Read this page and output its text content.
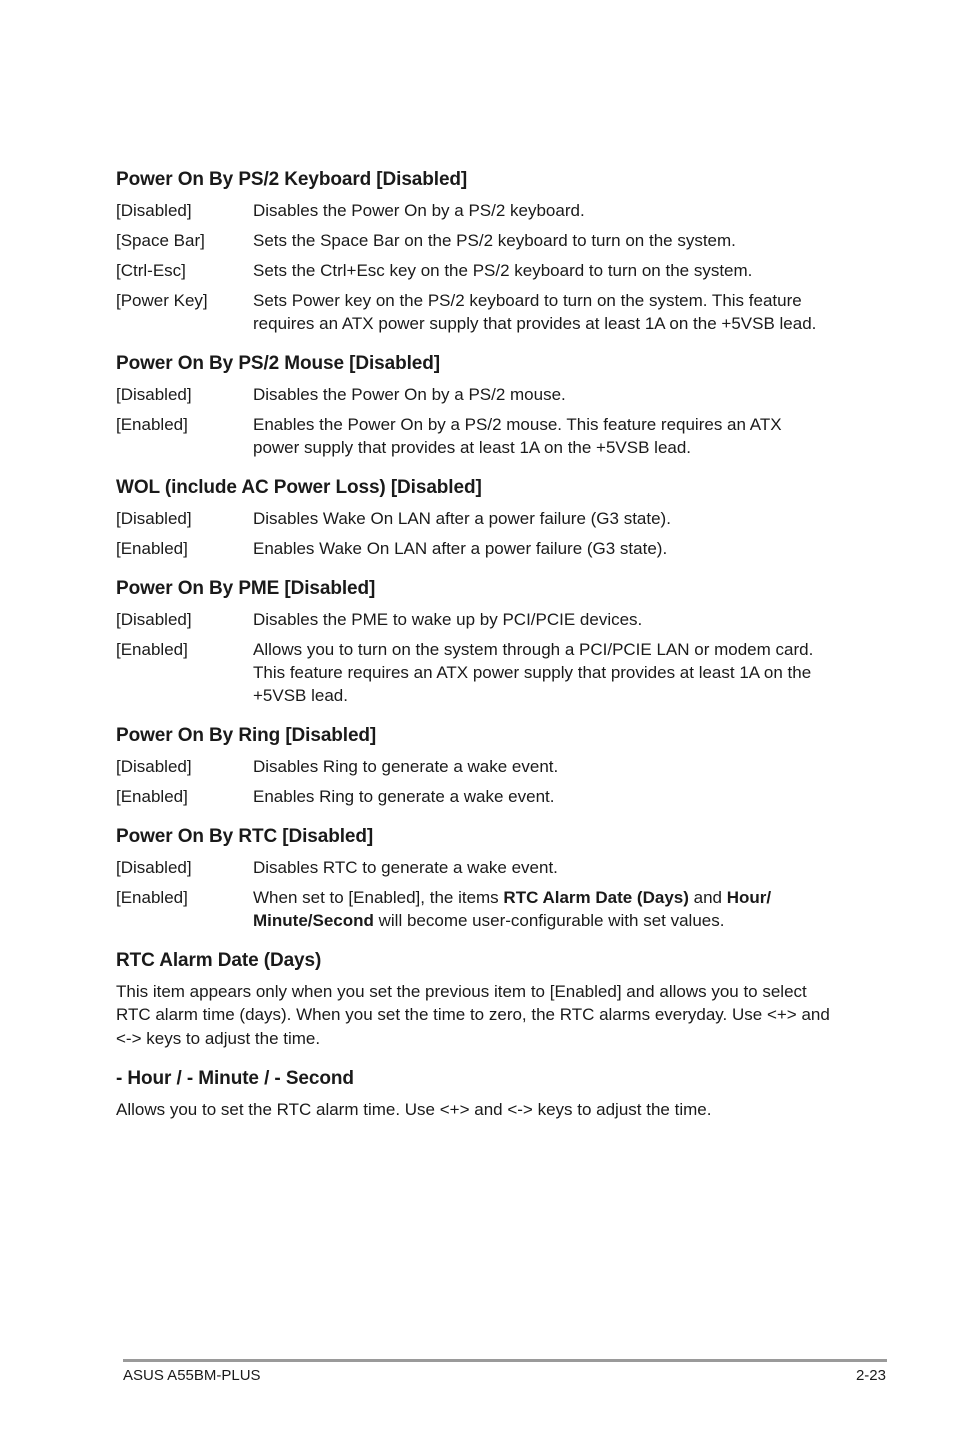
Power On By PS/2 Keyboard [Disabled]
[Disabled]	Disables the Power On by a PS/2 keyboard.
[Space Bar]	Sets the Space Bar on the PS/2 keyboard to turn on the system.
[Ctrl-Esc]	Sets the Ctrl+Esc key on the PS/2 keyboard to turn on the system.
[Power Key]	Sets Power key on the PS/2 keyboard to turn on the system. This feature requires an ATX power supply that provides at least 1A on the +5VSB lead.
Power On By PS/2 Mouse [Disabled]
[Disabled]	Disables the Power On by a PS/2 mouse.
[Enabled]	Enables the Power On by a PS/2 mouse. This feature requires an ATX power supply that provides at least 1A on the +5VSB lead.
WOL (include AC Power Loss) [Disabled]
[Disabled]	Disables Wake On LAN after a power failure (G3 state).
[Enabled]	Enables Wake On LAN after a power failure (G3 state).
Power On By PME [Disabled]
[Disabled]	Disables the PME to wake up by PCI/PCIE devices.
[Enabled]	Allows you to turn on the system through a PCI/PCIE LAN or modem card. This feature requires an ATX power supply that provides at least 1A on the +5VSB lead.
Power On By Ring [Disabled]
[Disabled]	Disables Ring to generate a wake event.
[Enabled]	Enables Ring to generate a wake event.
Power On By RTC [Disabled]
[Disabled]	Disables RTC to generate a wake event.
[Enabled]	When set to [Enabled], the items RTC Alarm Date (Days) and Hour/ Minute/Second will become user-configurable with set values.
RTC Alarm Date (Days)

This item appears only when you set the previous item to [Enabled] and allows you to select RTC alarm time (days). When you set the time to zero, the RTC alarms everyday. Use <+> and <-> keys to adjust the time.

- Hour / - Minute / - Second

Allows you to set the RTC alarm time. Use <+> and <-> keys to adjust the time.

ASUS A55BM-PLUS	2-23
